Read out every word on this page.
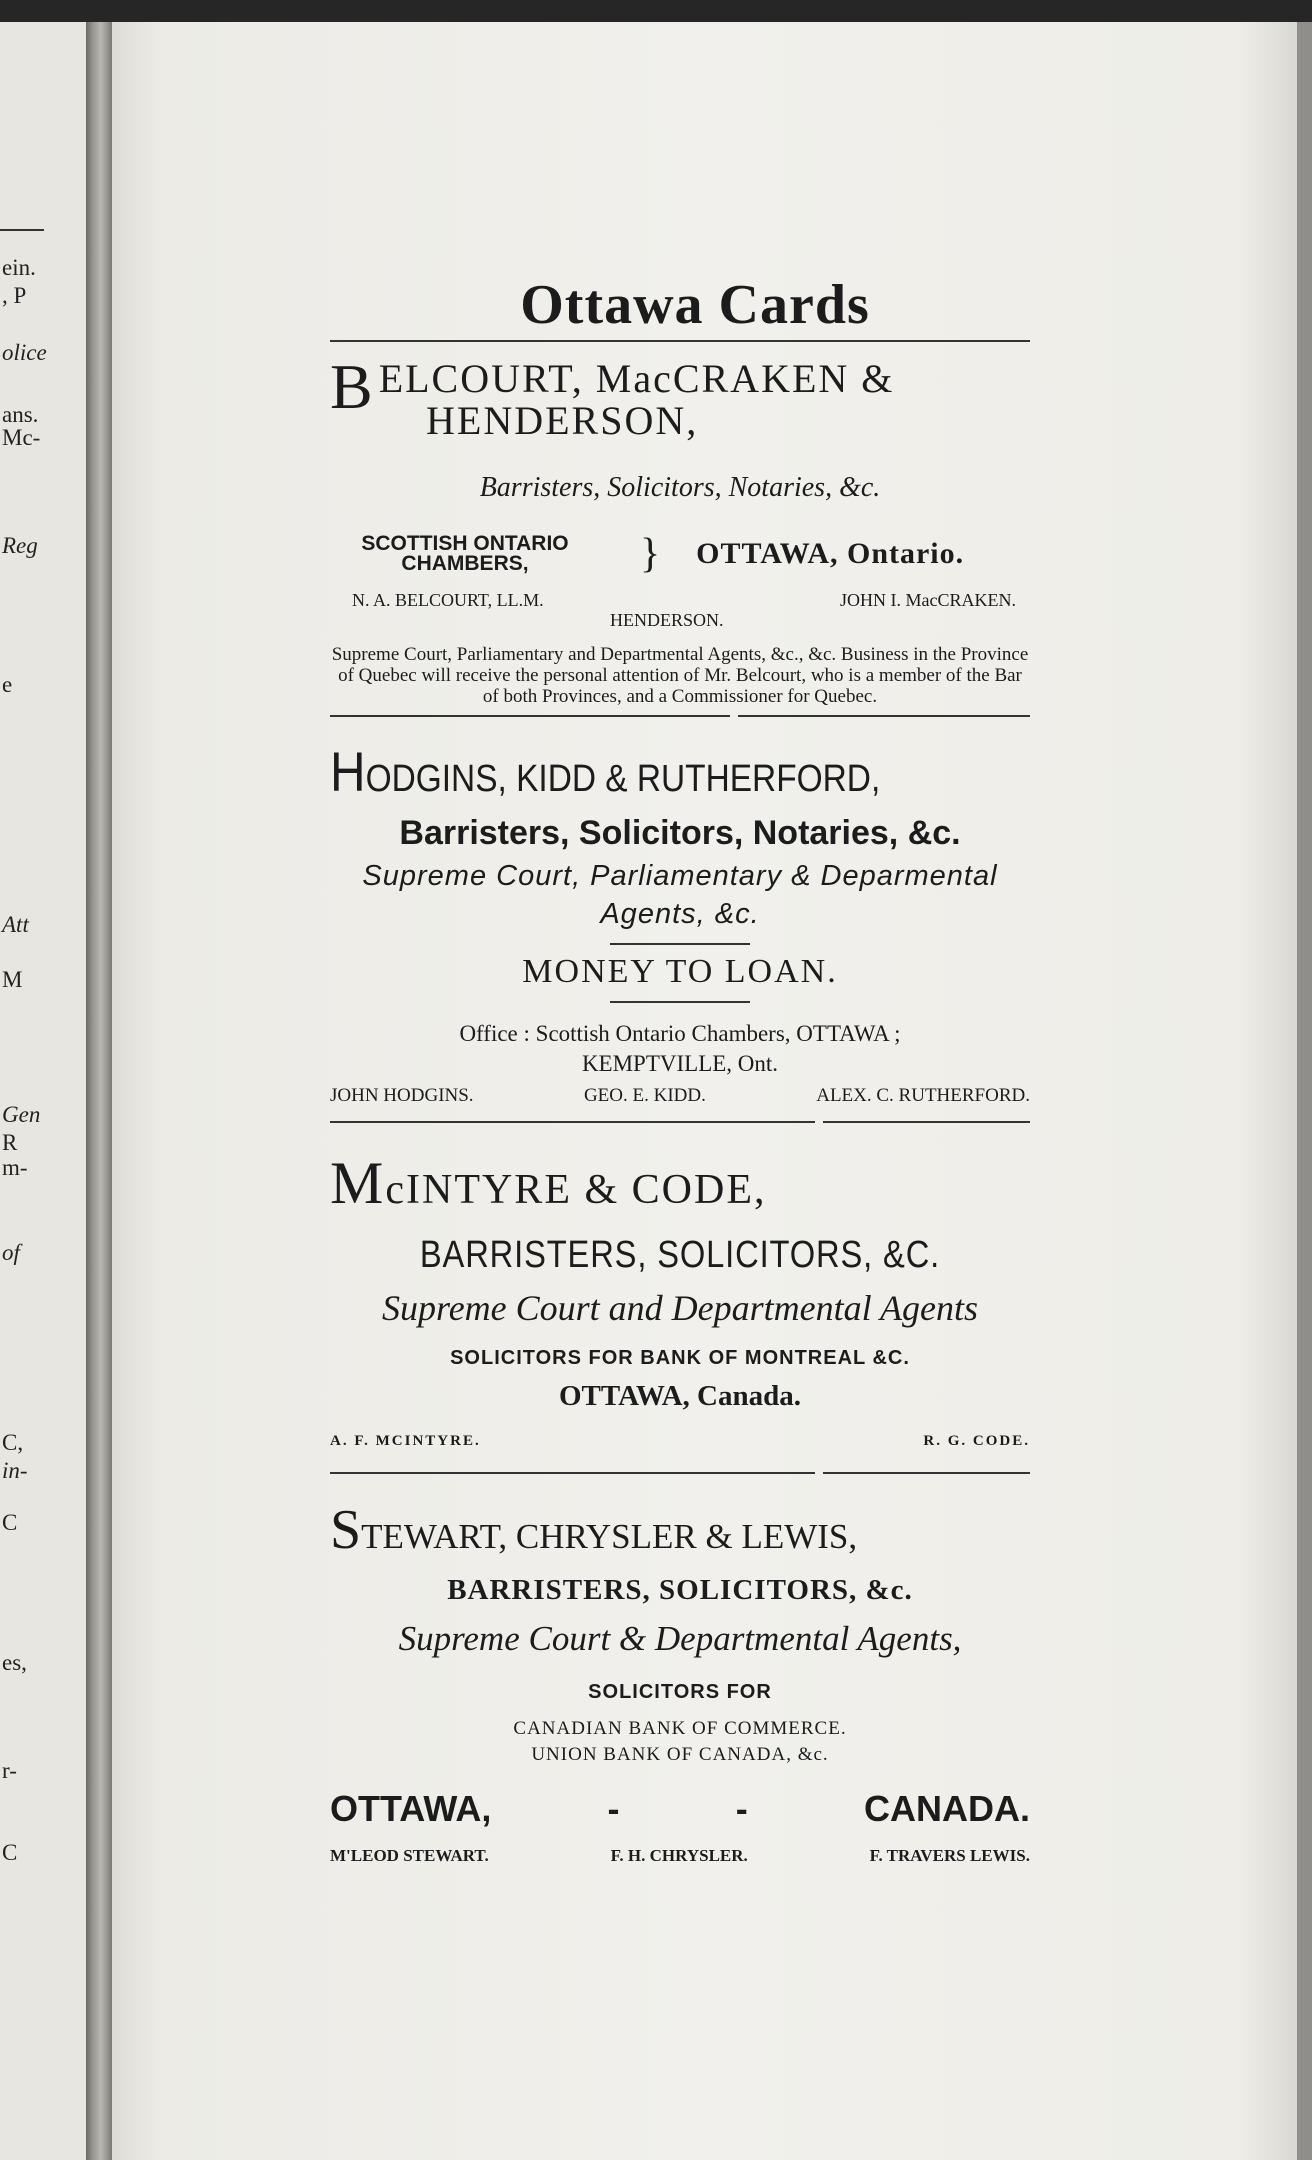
ein.
, P
olice
ans.
Mc-
Reg
e
Att
M
Gen
R
m-
of
C,
in-
C
es,
r-
C
Ottawa Cards
B ELCOURT, MacCRAKEN &
HENDERSON,
Barristers, Solicitors, Notaries, &c.
SCOTTISH ONTARIO CHAMBERS,	} OTTAWA, Ontario.
N. A. BELCOURT, LL.M.	JOHN I. MacCRAKEN.
HENDERSON.
Supreme Court, Parliamentary and Departmental Agents, &c., &c. Business in the Province of Quebec will receive the personal attention of Mr. Belcourt, who is a member of the Bar of both Provinces, and a Commissioner for Quebec.
HODGINS, KIDD & RUTHERFORD,
Barristers, Solicitors, Notaries, &c.
Supreme Court, Parliamentary & Deparmental Agents, &c.
MONEY TO LOAN.
Office : Scottish Ontario Chambers, OTTAWA ;
KEMPTVILLE, Ont.
JOHN HODGINS.	GEO. E. KIDD.	ALEX. C. RUTHERFORD.
McINTYRE & CODE,
BARRISTERS, SOLICITORS, &C.
Supreme Court and Departmental Agents
SOLICITORS FOR BANK OF MONTREAL &C.
OTTAWA, Canada.
A. F. MCINTYRE.	R. G. CODE.
STEWART, CHRYSLER & LEWIS,
BARRISTERS, SOLICITORS, &c.
Supreme Court & Departmental Agents,
SOLICITORS FOR
CANADIAN BANK OF COMMERCE.
UNION BANK OF CANADA, &c.
OTTAWA,	-	-	CANADA.
M'LEOD STEWART.	F. H. CHRYSLER.	F. TRAVERS LEWIS.
